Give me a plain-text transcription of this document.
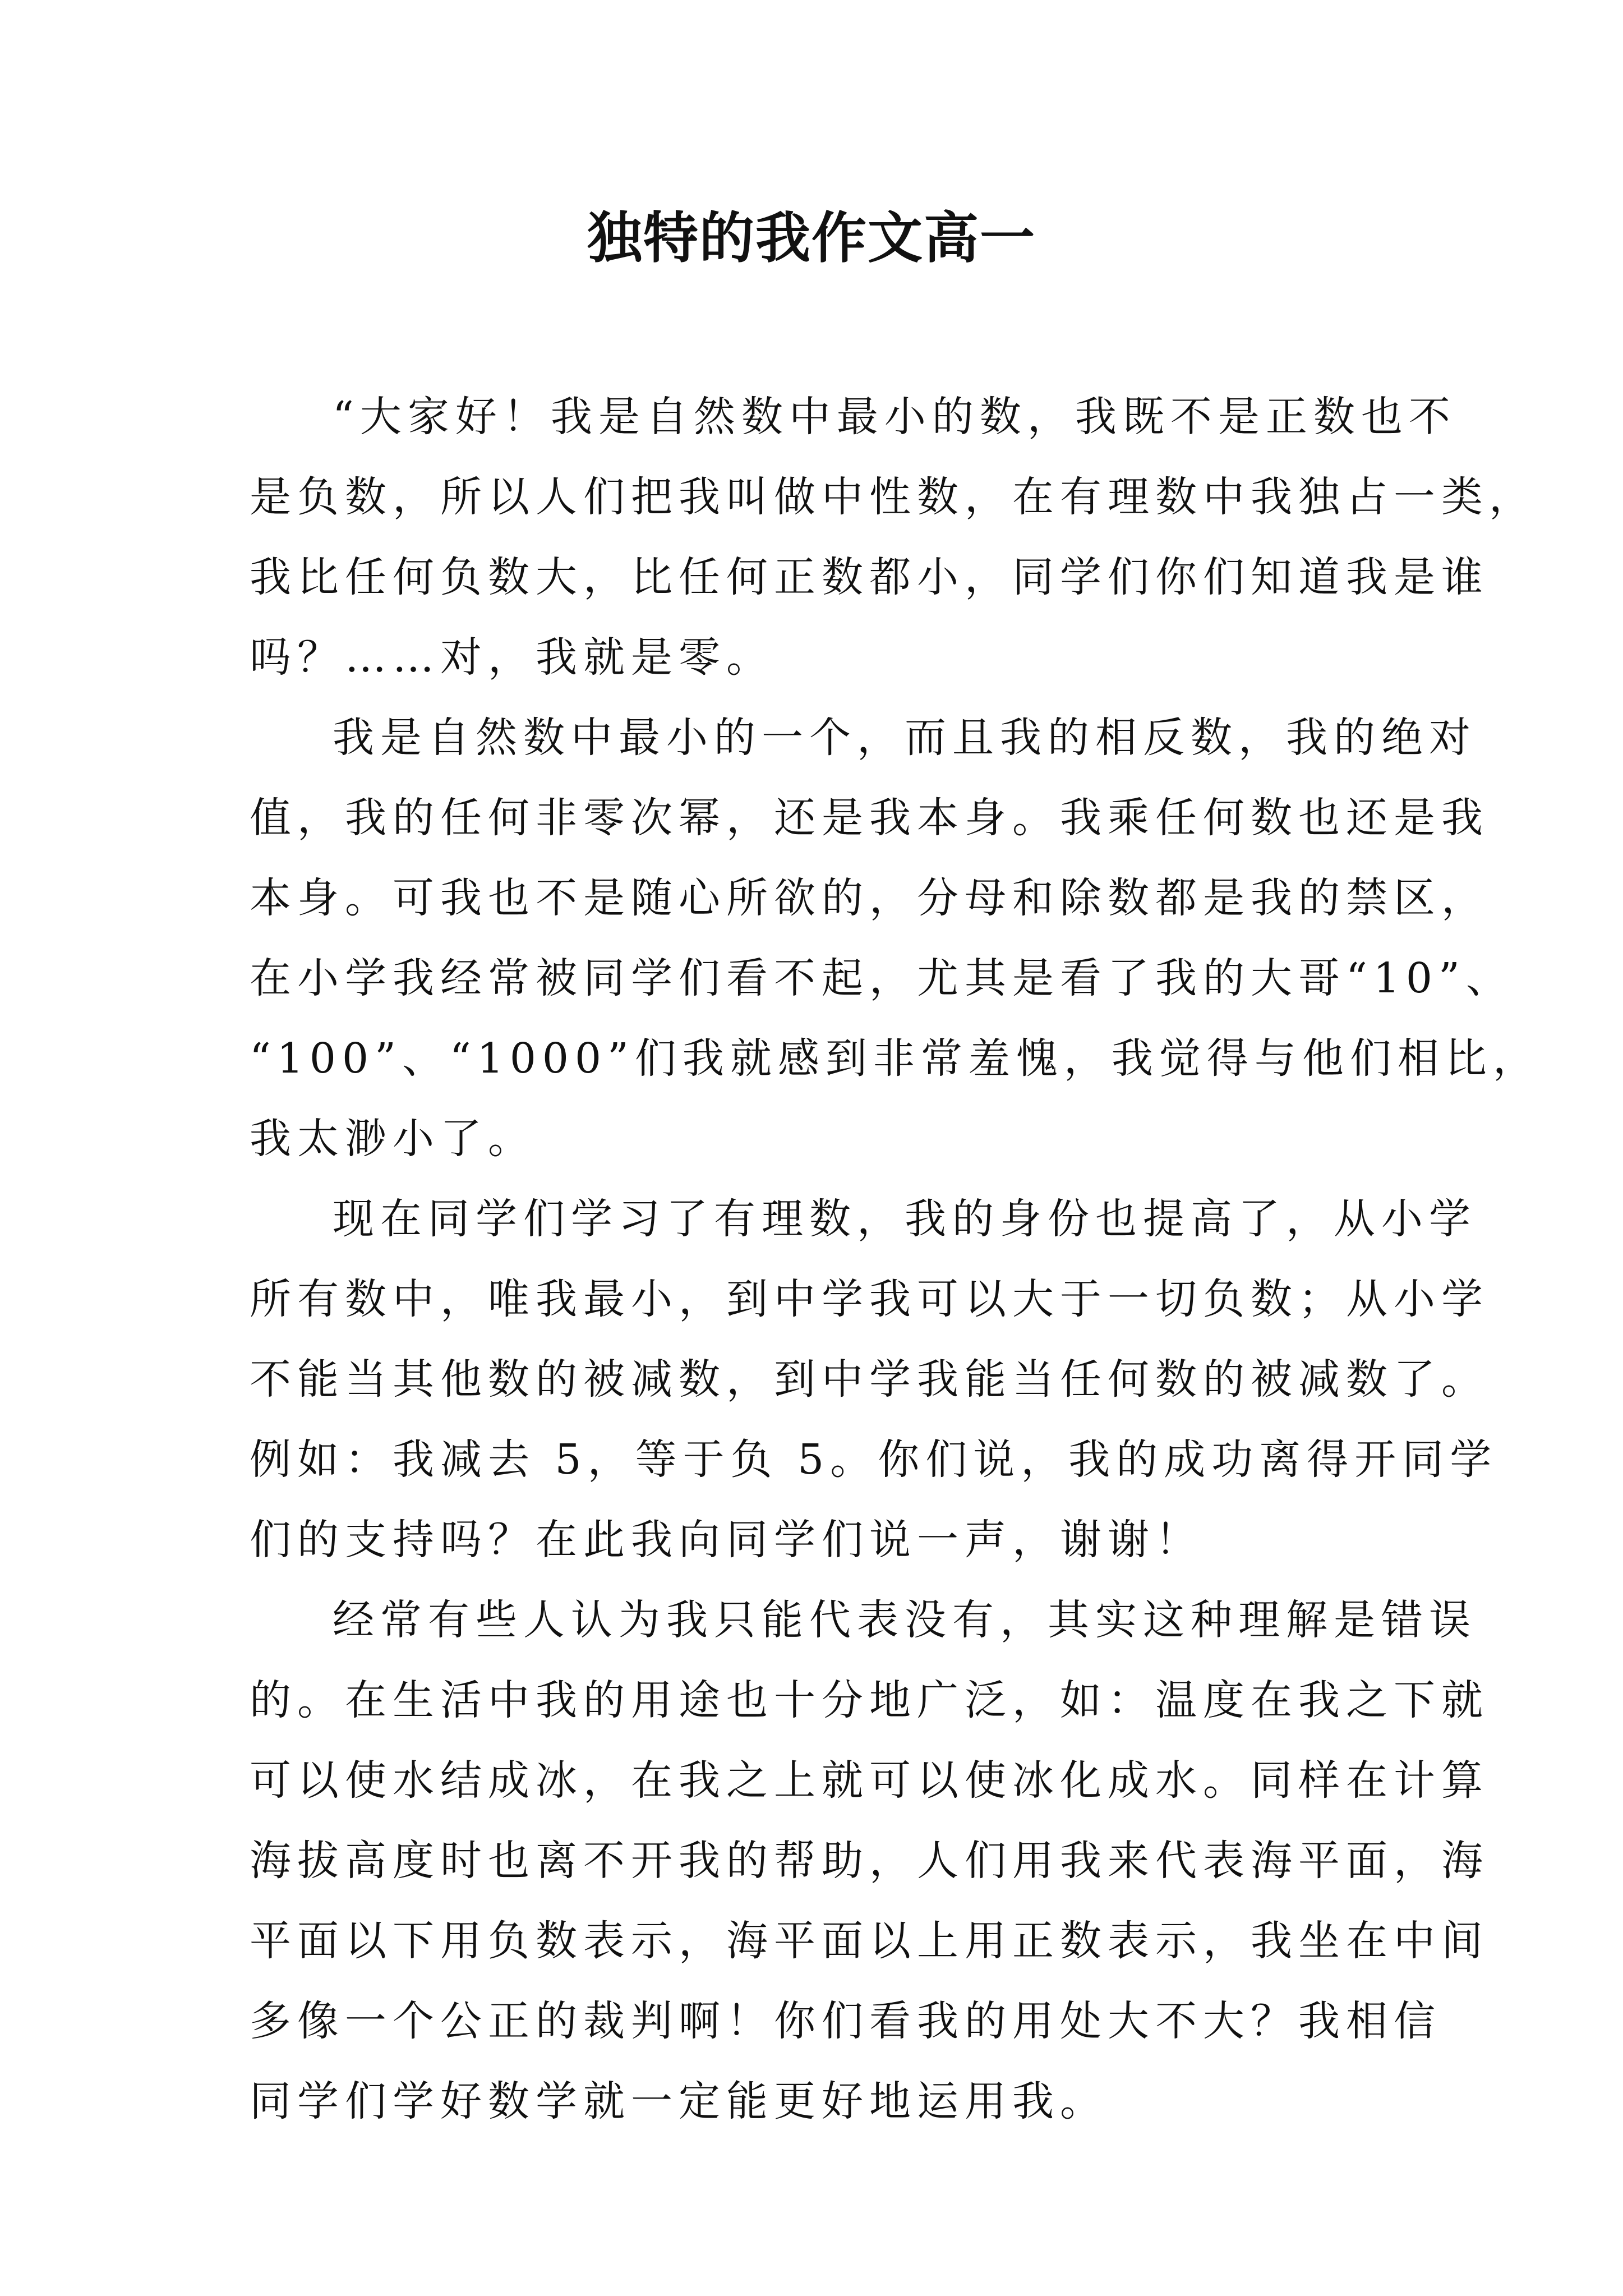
独特的我作文高一
“大家好！我是自然数中最小的数，我既不是正数也不
是负数，所以人们把我叫做中性数，在有理数中我独占一类，
我比任何负数大，比任何正数都小，同学们你们知道我是谁
吗？……对，我就是零。
我是自然数中最小的一个，而且我的相反数，我的绝对
值，我的任何非零次幂，还是我本身。我乘任何数也还是我
本身。可我也不是随心所欲的，分母和除数都是我的禁区，
在小学我经常被同学们看不起，尤其是看了我的大哥“10”、
“100”、“1000”们我就感到非常羞愧，我觉得与他们相比，
我太渺小了。
现在同学们学习了有理数，我的身份也提高了，从小学
所有数中，唯我最小，到中学我可以大于一切负数；从小学
不能当其他数的被减数，到中学我能当任何数的被减数了。
例如：我减去 5，等于负 5。你们说，我的成功离得开同学
们的支持吗？在此我向同学们说一声，谢谢！
经常有些人认为我只能代表没有，其实这种理解是错误
的。在生活中我的用途也十分地广泛，如：温度在我之下就
可以使水结成冰，在我之上就可以使冰化成水。同样在计算
海拔高度时也离不开我的帮助，人们用我来代表海平面，海
平面以下用负数表示，海平面以上用正数表示，我坐在中间
多像一个公正的裁判啊！你们看我的用处大不大？我相信
同学们学好数学就一定能更好地运用我。
